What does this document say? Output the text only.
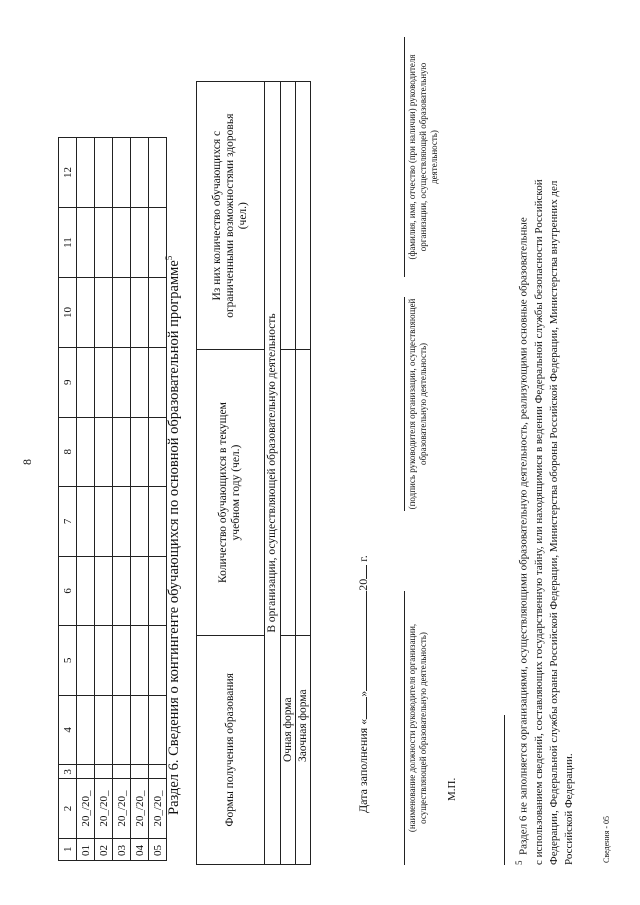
8
1	2	3	4	5	6	7	8	9	10	11	12
01	20_/20_										
02	20_/20_										
03	20_/20_										
04	20_/20_										
05	20_/20_										Раздел 6. Сведения о контингенте обучающихся по основной образовательной программе$^5$
Формы получения образования	Количество обучающихся в текущем учебном году (чел.)	Из них количество обучающихся с ограниченными возможностями здоровья (чел.)
В организации, осуществляющей образовательную деятельность		
Очная форма		
Заочная форма			Дата заполнения «»20 г.
(наименование должности руководителя организации, осуществляющей образовательную деятельность)
(подпись руководителя организации, осуществляющей образовательную деятельность)
(фамилия, имя, отчество (при наличии) руководителя организации, осуществляющей образовательную деятельность)
М.П.
$^5$  Раздел 6 не заполняется организациями, осуществляющими образовательную деятельность, реализующими основные образовательные с использованием сведений, составляющих государственную тайну, или находящимися в ведении Федеральной службы безопасности Российской Федерации, Федеральной службы охраны Российской Федерации, Министерства обороны Российской Федерации, Министерства внутренних дел Российской Федерации.	Сведения - 05
